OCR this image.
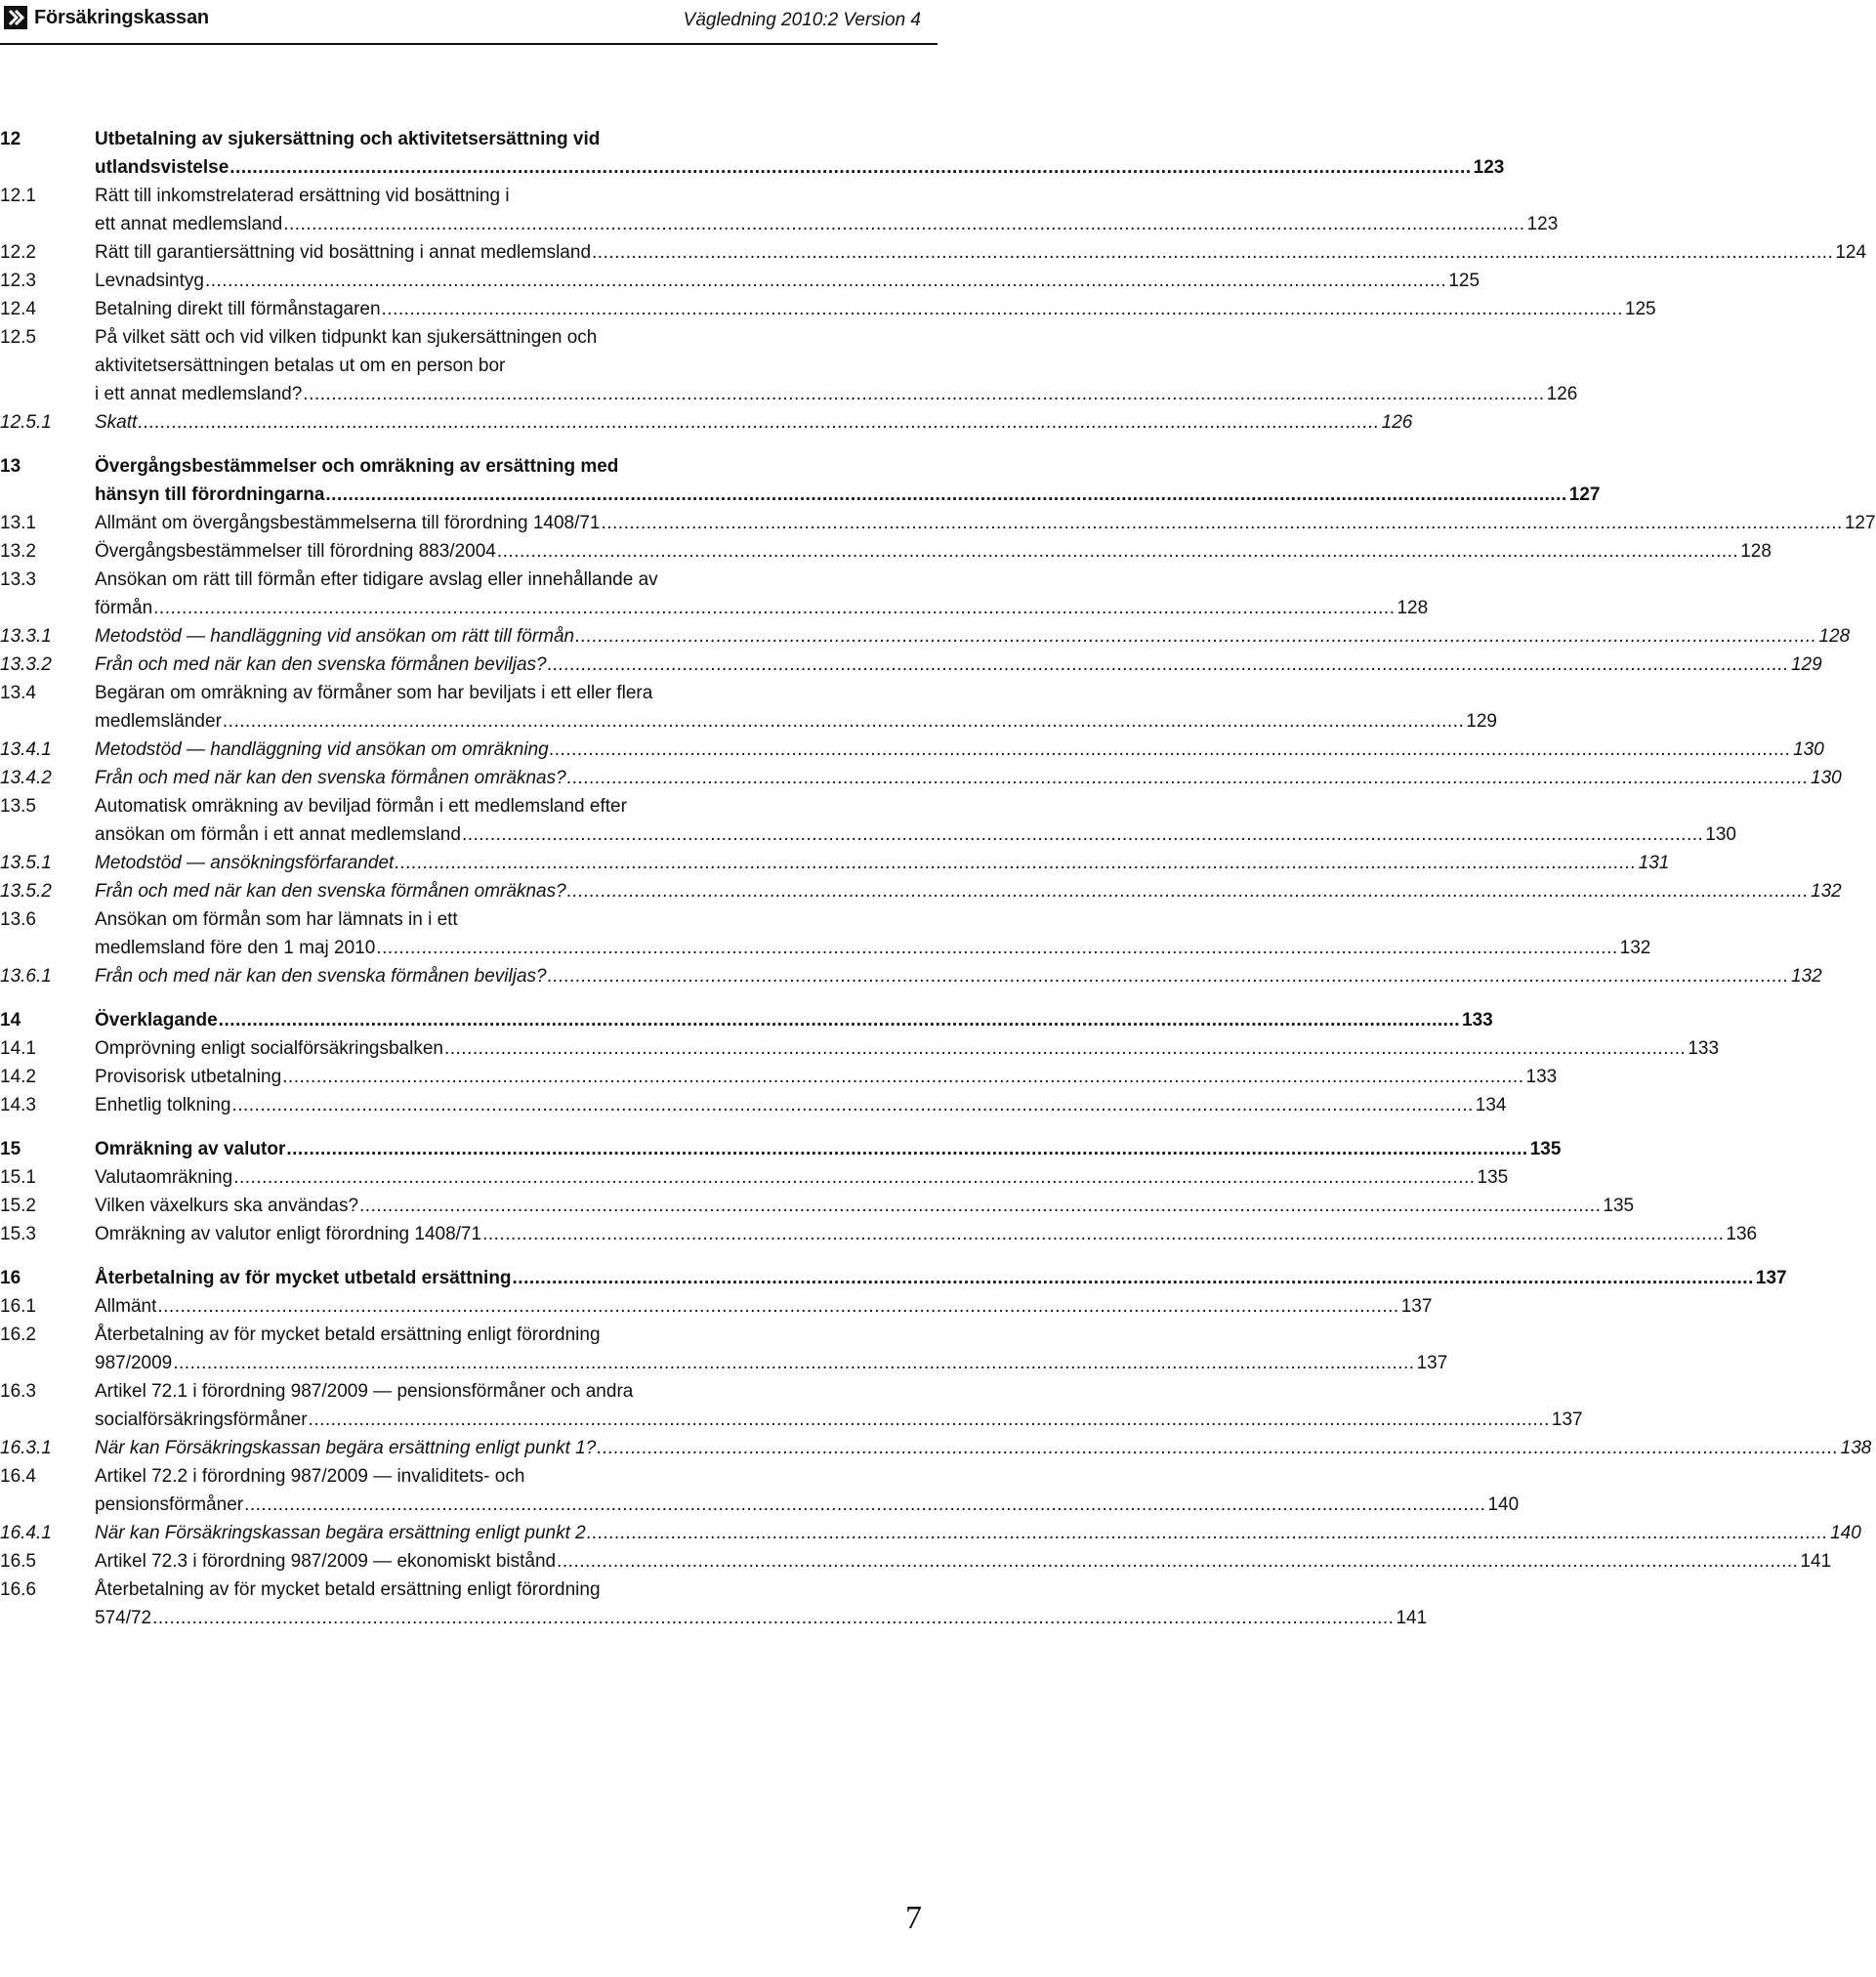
Försäkringskassan	Vägledning 2010:2 Version 4
12	Utbetalning av sjukersättning och aktivitetsersättning vid
utlandsvistelse ............................................................................................................................................................................................................................ 123
12.1	Rätt till inkomstrelaterad ersättning vid bosättning i
ett annat medlemsland ............................................................................................................................................................................................................................ 123
12.2	Rätt till garantiersättning vid bosättning i annat medlemsland ............................................................................................................................................................................................................................ 124
12.3	Levnadsintyg ............................................................................................................................................................................................................................ 125
12.4	Betalning direkt till förmånstagaren ............................................................................................................................................................................................................................ 125
12.5	På vilket sätt och vid vilken tidpunkt kan sjukersättningen och
aktivitetsersättningen betalas ut om en person bor
i ett annat medlemsland? ............................................................................................................................................................................................................................ 126
12.5.1	Skatt ............................................................................................................................................................................................................................ 126
13	Övergångsbestämmelser och omräkning av ersättning med
hänsyn till förordningarna ............................................................................................................................................................................................................................ 127
13.1	Allmänt om övergångsbestämmelserna till förordning 1408/71 ............................................................................................................................................................................................................................ 127
13.2	Övergångsbestämmelser till förordning 883/2004 ............................................................................................................................................................................................................................ 128
13.3	Ansökan om rätt till förmån efter tidigare avslag eller innehållande av
förmån ............................................................................................................................................................................................................................ 128
13.3.1	Metodstöd — handläggning vid ansökan om rätt till förmån ............................................................................................................................................................................................................................ 128
13.3.2	Från och med när kan den svenska förmånen beviljas? ............................................................................................................................................................................................................................ 129
13.4	Begäran om omräkning av förmåner som har beviljats i ett eller flera
medlemsländer ............................................................................................................................................................................................................................ 129
13.4.1	Metodstöd — handläggning vid ansökan om omräkning ............................................................................................................................................................................................................................ 130
13.4.2	Från och med när kan den svenska förmånen omräknas? ............................................................................................................................................................................................................................ 130
13.5	Automatisk omräkning av beviljad förmån i ett medlemsland efter
ansökan om förmån i ett annat medlemsland ............................................................................................................................................................................................................................ 130
13.5.1	Metodstöd — ansökningsförfarandet ............................................................................................................................................................................................................................ 131
13.5.2	Från och med när kan den svenska förmånen omräknas? ............................................................................................................................................................................................................................ 132
13.6	Ansökan om förmån som har lämnats in i ett
medlemsland före den 1 maj 2010 ............................................................................................................................................................................................................................ 132
13.6.1	Från och med när kan den svenska förmånen beviljas? ............................................................................................................................................................................................................................ 132
14	Överklagande ............................................................................................................................................................................................................................ 133
14.1	Omprövning enligt socialförsäkringsbalken ............................................................................................................................................................................................................................ 133
14.2	Provisorisk utbetalning ............................................................................................................................................................................................................................ 133
14.3	Enhetlig tolkning ............................................................................................................................................................................................................................ 134
15	Omräkning av valutor ............................................................................................................................................................................................................................ 135
15.1	Valutaomräkning ............................................................................................................................................................................................................................ 135
15.2	Vilken växelkurs ska användas? ............................................................................................................................................................................................................................ 135
15.3	Omräkning av valutor enligt förordning 1408/71 ............................................................................................................................................................................................................................ 136
16	Återbetalning av för mycket utbetald ersättning ............................................................................................................................................................................................................................ 137
16.1	Allmänt ............................................................................................................................................................................................................................ 137
16.2	Återbetalning av för mycket betald ersättning enligt förordning
987/2009 ............................................................................................................................................................................................................................ 137
16.3	Artikel 72.1 i förordning 987/2009 — pensionsförmåner och andra
socialförsäkringsförmåner ............................................................................................................................................................................................................................ 137
16.3.1	När kan Försäkringskassan begära ersättning enligt punkt 1? ............................................................................................................................................................................................................................ 138
16.4	Artikel 72.2 i förordning 987/2009 — invaliditets- och
pensionsförmåner ............................................................................................................................................................................................................................ 140
16.4.1	När kan Försäkringskassan begära ersättning enligt punkt 2 ............................................................................................................................................................................................................................ 140
16.5	Artikel 72.3 i förordning 987/2009 — ekonomiskt bistånd ............................................................................................................................................................................................................................ 141
16.6	Återbetalning av för mycket betald ersättning enligt förordning
574/72 ............................................................................................................................................................................................................................ 141
7
